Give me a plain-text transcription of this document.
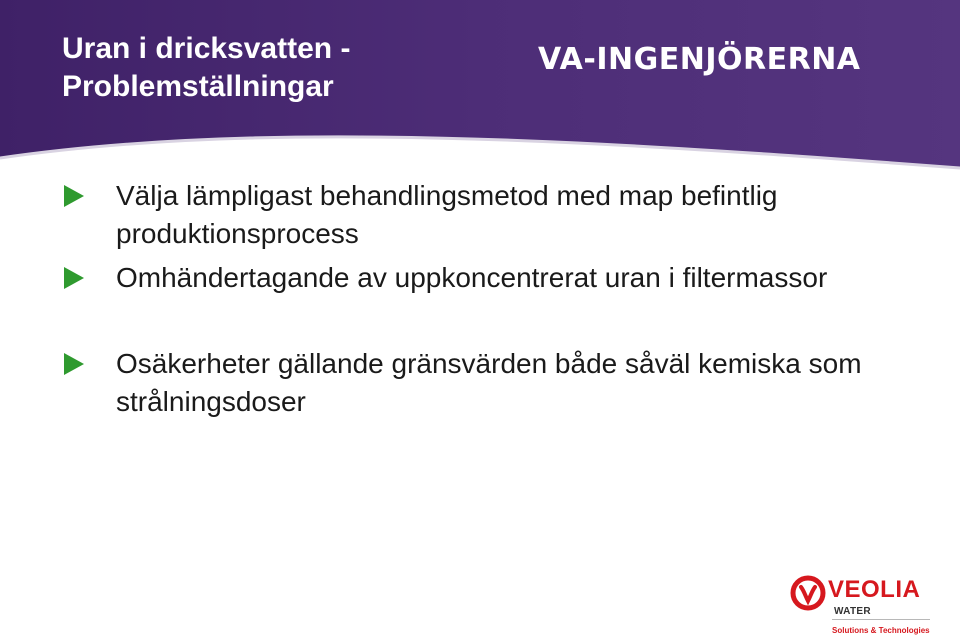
Uran i dricksvatten -
Problemställningar
VA-INGENJÖRERNA

Välja lämpligast behandlingsmetod med map befintlig produktionsprocess

Omhändertagande av uppkoncentrerat uran i filtermassor

Osäkerheter gällande gränsvärden både såväl kemiska som strålningsdoser

VEOLIA
WATER
Solutions & Technologies
